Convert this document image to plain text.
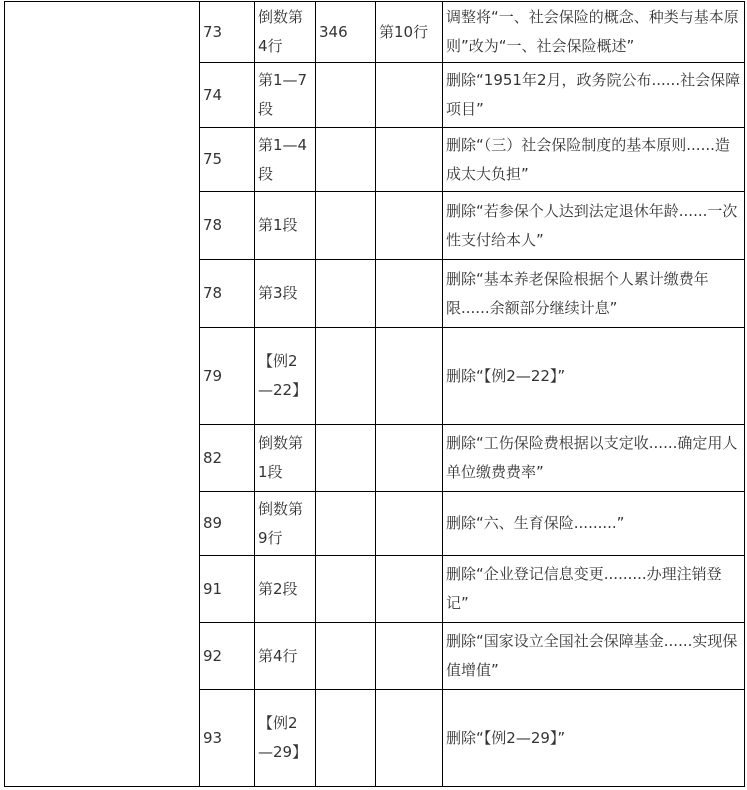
	73	倒数第4行	346	第10行	调整将“一、社会保险的概念、种类与基本原则”改为“一、社会保险概述”
	74	第1—7段			删除“1951年2月，政务院公布......社会保障项目”
	75	第1—4段			删除“（三）社会保险制度的基本原则......造成太大负担”
	78	第1段			删除“若参保个人达到法定退休年龄......一次性支付给本人”
	78	第3段			删除“基本养老保险根据个人累计缴费年限......余额部分继续计息”
	79	【例2—22】			删除“【例2—22】”
	82	倒数第1段			删除“工伤保险费根据以支定收......确定用人单位缴费费率”
	89	倒数第9行			删除“六、生育保险.........”
	91	第2段			删除“企业登记信息变更.........办理注销登记”
	92	第4行			删除“国家设立全国社会保障基金......实现保值增值”
	93	【例2—29】			删除“【例2—29】”
